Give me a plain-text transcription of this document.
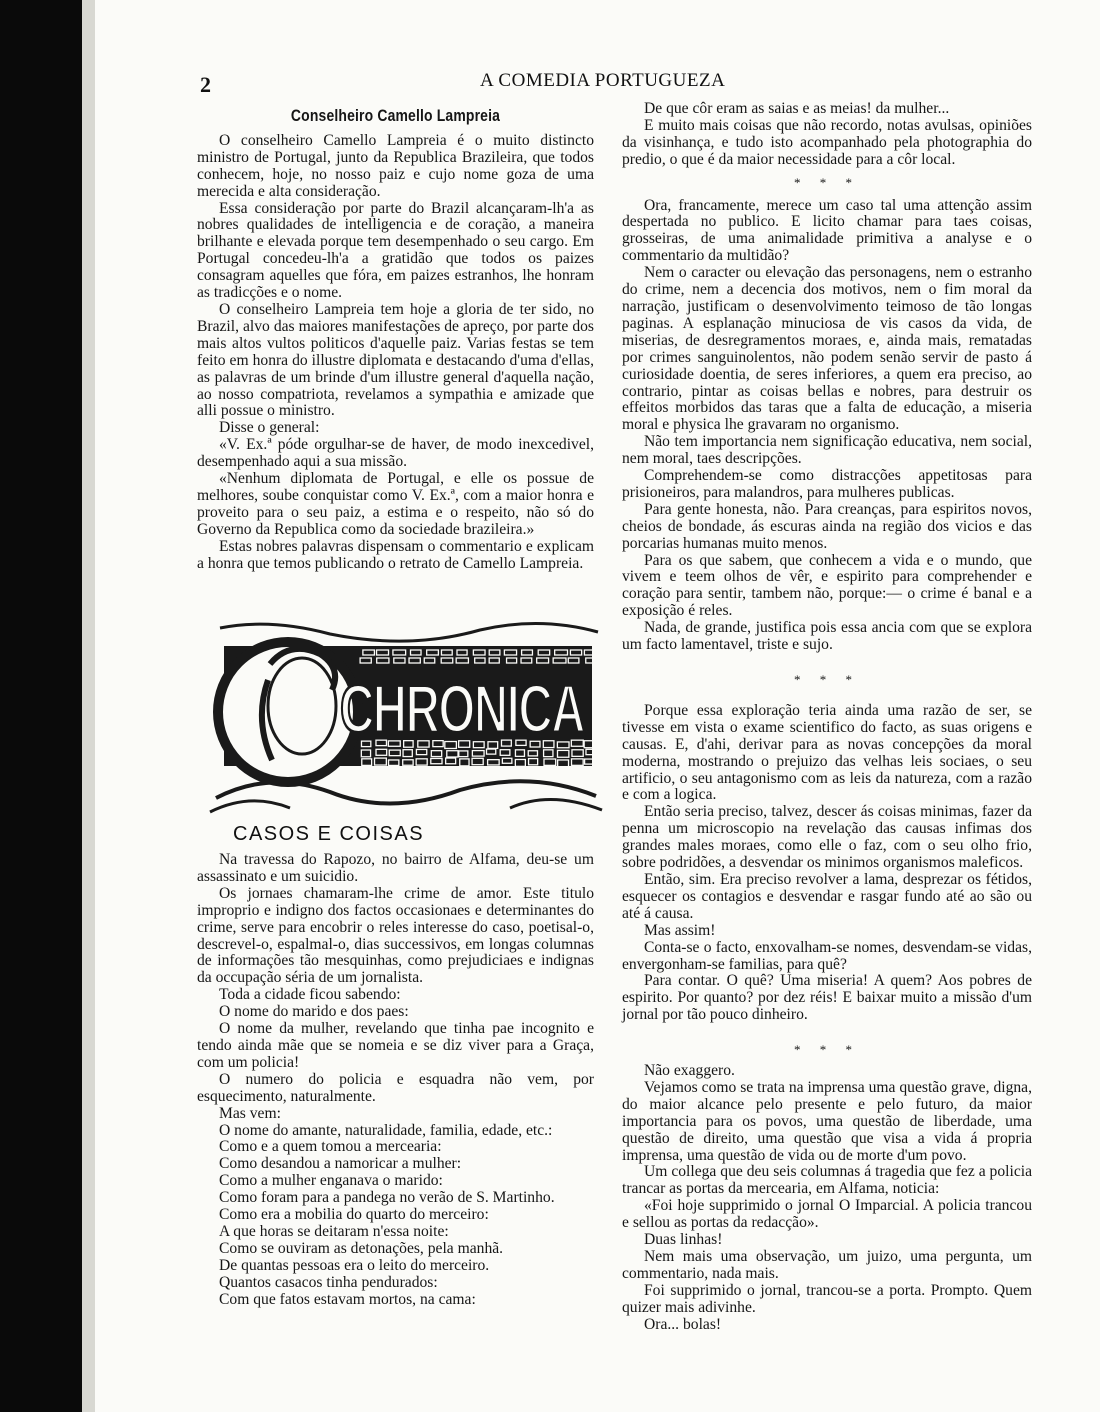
2	A COMEDIA PORTUGUEZA
Conselheiro Camello Lampreia

O conselheiro Camello Lampreia é o muito distincto ministro de Portugal, junto da Republica Brazileira, que todos conhecem, hoje, no nosso paiz e cujo nome goza de uma merecida e alta consideração.

Essa consideração por parte do Brazil alcançaram-lh'a as nobres qualidades de intelligencia e de coração, a maneira brilhante e elevada porque tem desempenhado o seu cargo. Em Portugal concedeu-lh'a a gratidão que todos os paizes consagram aquelles que fóra, em paizes estranhos, lhe honram as tradicções e o nome.

O conselheiro Lampreia tem hoje a gloria de ter sido, no Brazil, alvo das maiores manifestações de apreço, por parte dos mais altos vultos politicos d'aquelle paiz. Varias festas se tem feito em honra do illustre diplomata e destacando d'uma d'ellas, as palavras de um brinde d'um illustre general d'aquella nação, ao nosso compatriota, revelamos a sympathia e amizade que alli possue o ministro.

Disse o general:

«V. Ex.ª póde orgulhar-se de haver, de modo inexcedivel, desempenhado aqui a sua missão.

«Nenhum diplomata de Portugal, e elle os possue de melhores, soube conquistar como V. Ex.ª, com a maior honra e proveito para o seu paiz, a estima e o respeito, não só do Governo da Republica como da sociedade brazileira.»

Estas nobres palavras dispensam o commentario e explicam a honra que temos publicando o retrato de Camello Lampreia.

CHRONICA
CASOS E COISAS

Na travessa do Rapozo, no bairro de Alfama, deu-se um assassinato e um suicidio.

Os jornaes chamaram-lhe crime de amor. Este titulo improprio e indigno dos factos occasionaes e determinantes do crime, serve para encobrir o reles interesse do caso, poetisal-o, descrevel-o, espalmal-o, dias successivos, em longas columnas de informações tão mesquinhas, como prejudiciaes e indignas da occupação séria de um jornalista.

Toda a cidade ficou sabendo:

O nome do marido e dos paes:

O nome da mulher, revelando que tinha pae incognito e tendo ainda mãe que se nomeia e se diz viver para a Graça, com um policia!

O numero do policia e esquadra não vem, por esquecimento, naturalmente.

Mas vem:

O nome do amante, naturalidade, familia, edade, etc.:

Como e a quem tomou a mercearia:

Como desandou a namoricar a mulher:

Como a mulher enganava o marido:

Como foram para a pandega no verão de S. Martinho.

Como era a mobilia do quarto do merceiro:

A que horas se deitaram n'essa noite:

Como se ouviram as detonações, pela manhã.

De quantas pessoas era o leito do merceiro.

Quantos casacos tinha pendurados:

Com que fatos estavam mortos, na cama:

De que côr eram as saias e as meias! da mulher...

E muito mais coisas que não recordo, notas avulsas, opiniões da visinhança, e tudo isto acompanhado pela photographia do predio, o que é da maior necessidade para a côr local.

* * *

Ora, francamente, merece um caso tal uma attenção assim despertada no publico. E licito chamar para taes coisas, grosseiras, de uma animalidade primitiva a analyse e o commentario da multidão?

Nem o caracter ou elevação das personagens, nem o estranho do crime, nem a decencia dos motivos, nem o fim moral da narração, justificam o desenvolvimento teimoso de tão longas paginas. A esplanação minuciosa de vis casos da vida, de miserias, de desregramentos moraes, e, ainda mais, rematadas por crimes sanguinolentos, não podem senão servir de pasto á curiosidade doentia, de seres inferiores, a quem era preciso, ao contrario, pintar as coisas bellas e nobres, para destruir os effeitos morbidos das taras que a falta de educação, a miseria moral e physica lhe gravaram no organismo.

Não tem importancia nem significação educativa, nem social, nem moral, taes descripções.

Comprehendem-se como distracções appetitosas para prisioneiros, para malandros, para mulheres publicas.

Para gente honesta, não. Para creanças, para espiritos novos, cheios de bondade, ás escuras ainda na região dos vicios e das porcarias humanas muito menos.

Para os que sabem, que conhecem a vida e o mundo, que vivem e teem olhos de vêr, e espirito para comprehender e coração para sentir, tambem não, porque:— o crime é banal e a exposição é reles.

Nada, de grande, justifica pois essa ancia com que se explora um facto lamentavel, triste e sujo.

* * *

Porque essa exploração teria ainda uma razão de ser, se tivesse em vista o exame scientifico do facto, as suas origens e causas. E, d'ahi, derivar para as novas concepções da moral moderna, mostrando o prejuizo das velhas leis sociaes, o seu artificio, o seu antagonismo com as leis da natureza, com a razão e com a logica.

Então seria preciso, talvez, descer ás coisas minimas, fazer da penna um microscopio na revelação das causas infimas dos grandes males moraes, como elle o faz, com o seu olho frio, sobre podridões, a desvendar os minimos organismos maleficos.

Então, sim. Era preciso revolver a lama, desprezar os fétidos, esquecer os contagios e desvendar e rasgar fundo até ao são ou até á causa.

Mas assim!

Conta-se o facto, enxovalham-se nomes, desvendam-se vidas, envergonham-se familias, para quê?

Para contar. O quê? Uma miseria! A quem? Aos pobres de espirito. Por quanto? por dez réis! E baixar muito a missão d'um jornal por tão pouco dinheiro.

* * *

Não exaggero.

Vejamos como se trata na imprensa uma questão grave, digna, do maior alcance pelo presente e pelo futuro, da maior importancia para os povos, uma questão de liberdade, uma questão de direito, uma questão que visa a vida á propria imprensa, uma questão de vida ou de morte d'um povo.

Um collega que deu seis columnas á tragedia que fez a policia trancar as portas da mercearia, em Alfama, noticia:

«Foi hoje supprimido o jornal O Imparcial. A policia trancou e sellou as portas da redacção».

Duas linhas!

Nem mais uma observação, um juizo, uma pergunta, um commentario, nada mais.

Foi supprimido o jornal, trancou-se a porta. Prompto. Quem quizer mais adivinhe.

Ora... bolas!
